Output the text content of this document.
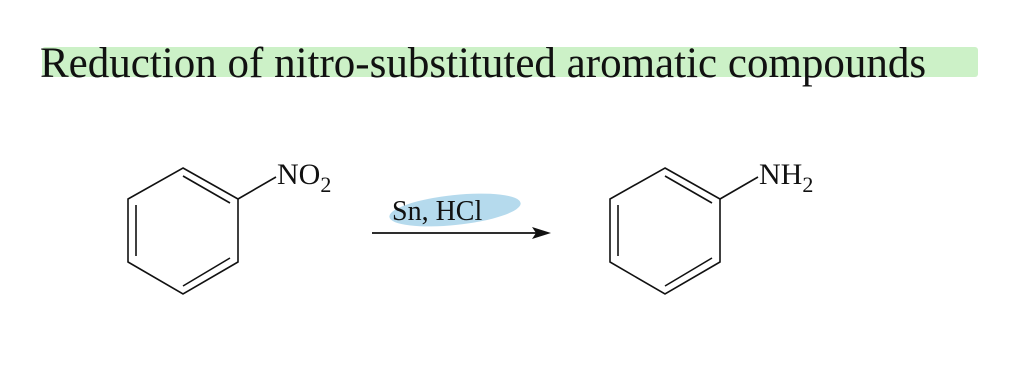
Reduction of nitro-substituted aromatic compounds
$NO_2$
Sn, HCl
$NH_2$
